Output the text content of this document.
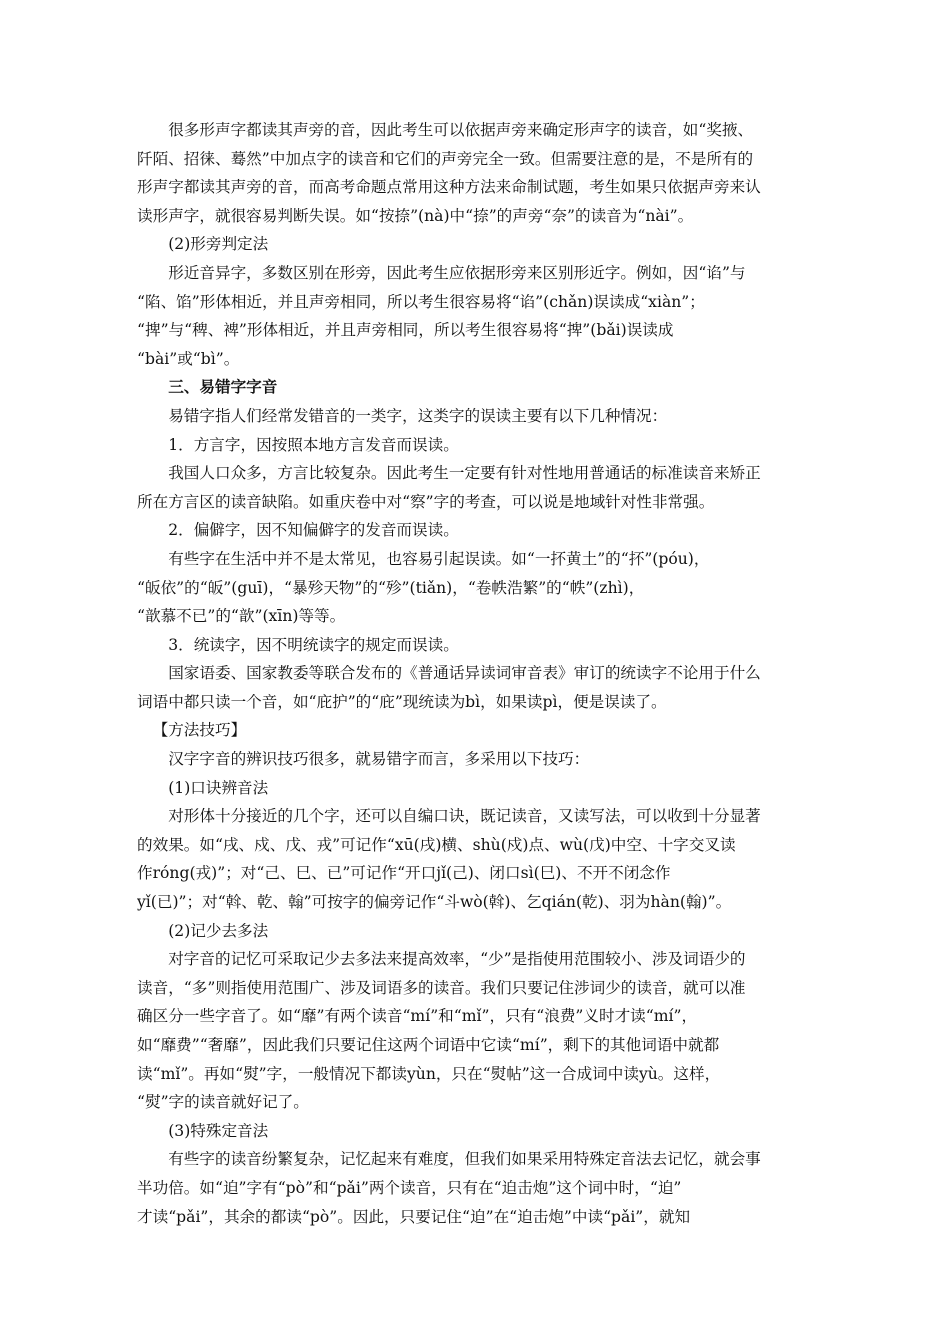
很多形声字都读其声旁的音，因此考生可以依据声旁来确定形声字的读音，如“奖掖、
阡陌、招徕、蓦然”中加点字的读音和它们的声旁完全一致。但需要注意的是，不是所有的
形声字都读其声旁的音，而高考命题点常用这种方法来命制试题，考生如果只依据声旁来认
读形声字，就很容易判断失误。如“按捺”(nà)中“捺”的声旁“奈”的读音为“nài”。
(2)形旁判定法
形近音异字，多数区别在形旁，因此考生应依据形旁来区别形近字。例如，因“谄”与
“陷、馅”形体相近，并且声旁相同，所以考生很容易将“谄”(chǎn)误读成“xiàn”；
“捭”与“稗、裨”形体相近，并且声旁相同，所以考生很容易将“捭”(bǎi)误读成
“bài”或“bì”。
三、易错字字音
易错字指人们经常发错音的一类字，这类字的误读主要有以下几种情况：
1．方言字，因按照本地方言发音而误读。
我国人口众多，方言比较复杂。因此考生一定要有针对性地用普通话的标准读音来矫正
所在方言区的读音缺陷。如重庆卷中对“察”字的考查，可以说是地域针对性非常强。
2．偏僻字，因不知偏僻字的发音而误读。
有些字在生活中并不是太常见，也容易引起误读。如“一抔黄土”的“抔”(póu)，
“皈依”的“皈”(guī)，“暴殄天物”的“殄”(tiǎn)，“卷帙浩繁”的“帙”(zhì)，
“歆慕不已”的“歆”(xīn)等等。
3．统读字，因不明统读字的规定而误读。
国家语委、国家教委等联合发布的《普通话异读词审音表》审订的统读字不论用于什么
词语中都只读一个音，如“庇护”的“庇”现统读为bì，如果读pì，便是误读了。
【方法技巧】
汉字字音的辨识技巧很多，就易错字而言，多采用以下技巧：
(1)口诀辨音法
对形体十分接近的几个字，还可以自编口诀，既记读音，又读写法，可以收到十分显著
的效果。如“戌、戍、戊、戎”可记作“xū(戌)横、shù(戍)点、wù(戊)中空、十字交叉读
作róng(戎)”；对“己、巳、已”可记作“开口jǐ(己)、闭口sì(巳)、不开不闭念作
yǐ(已)”；对“斡、乾、翰”可按字的偏旁记作“斗wò(斡)、乞qián(乾)、羽为hàn(翰)”。
(2)记少去多法
对字音的记忆可采取记少去多法来提高效率，“少”是指使用范围较小、涉及词语少的
读音，“多”则指使用范围广、涉及词语多的读音。我们只要记住涉词少的读音，就可以准
确区分一些字音了。如“靡”有两个读音“mí”和“mǐ”，只有“浪费”义时才读“mí”，
如“靡费”“奢靡”，因此我们只要记住这两个词语中它读“mí”，剩下的其他词语中就都
读“mǐ”。再如“熨”字，一般情况下都读yùn，只在“熨帖”这一合成词中读yù。这样，
“熨”字的读音就好记了。
(3)特殊定音法
有些字的读音纷繁复杂，记忆起来有难度，但我们如果采用特殊定音法去记忆，就会事
半功倍。如“迫”字有“pò”和“pǎi”两个读音，只有在“迫击炮”这个词中时，“迫”
才读“pǎi”，其余的都读“pò”。因此，只要记住“迫”在“迫击炮”中读“pǎi”，就知
